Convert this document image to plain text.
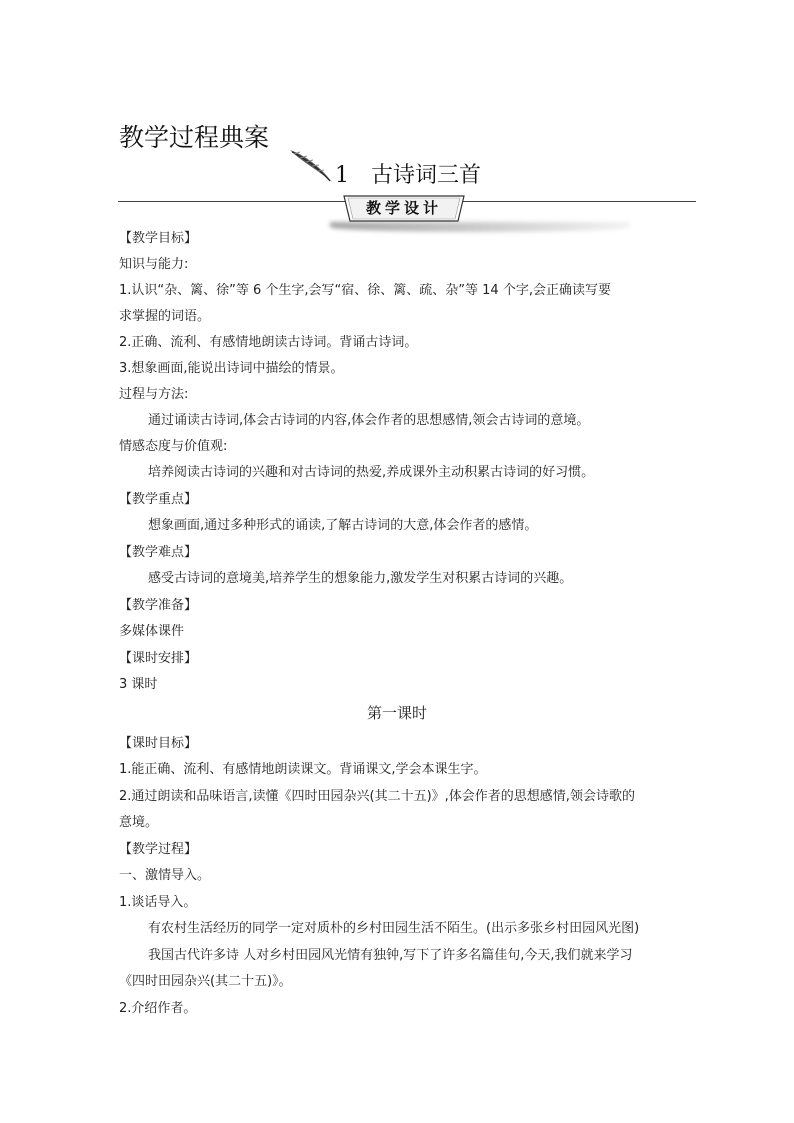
教学过程典案
1 古诗词三首
教学设计
【教学目标】
知识与能力:
1.认识“杂、篱、徐”等 6 个生字,会写“宿、徐、篱、疏、杂”等 14 个字,会正确读写要
求掌握的词语。
2.正确、流利、有感情地朗读古诗词。背诵古诗词。
3.想象画面,能说出诗词中描绘的情景。
过程与方法:
通过诵读古诗词,体会古诗词的内容,体会作者的思想感情,领会古诗词的意境。
情感态度与价值观:
培养阅读古诗词的兴趣和对古诗词的热爱,养成课外主动积累古诗词的好习惯。
【教学重点】
想象画面,通过多种形式的诵读,了解古诗词的大意,体会作者的感情。
【教学难点】
感受古诗词的意境美,培养学生的想象能力,激发学生对积累古诗词的兴趣。
【教学准备】
多媒体课件
【课时安排】
3 课时
第一课时
【课时目标】
1.能正确、流利、有感情地朗读课文。背诵课文,学会本课生字。
2.通过朗读和品味语言,读懂《四时田园杂兴(其二十五)》,体会作者的思想感情,领会诗歌的
意境。
【教学过程】
一、激情导入。
1.谈话导入。
有农村生活经历的同学一定对质朴的乡村田园生活不陌生。(出示多张乡村田园风光图)
我国古代许多诗 人对乡村田园风光情有独钟,写下了许多名篇佳句,今天,我们就来学习
《四时田园杂兴(其二十五)》。
2.介绍作者。
